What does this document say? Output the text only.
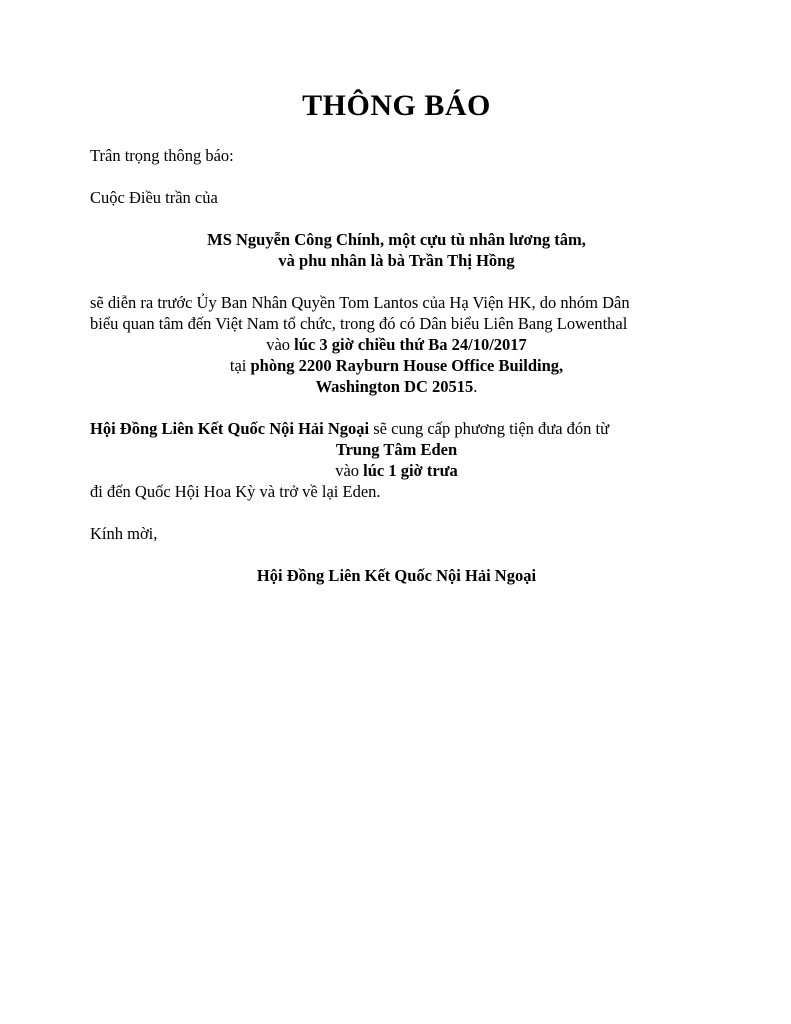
THÔNG BÁO

Trân trọng thông báo:

Cuộc Điều trần của

MS Nguyễn Công Chính, một cựu tù nhân lương tâm,
và phu nhân là bà Trần Thị Hồng
sẽ diễn ra trước Ủy Ban Nhân Quyền Tom Lantos của Hạ Viện HK, do nhóm Dân
biểu quan tâm đến Việt Nam tổ chức, trong đó có Dân biểu Liên Bang Lowenthal
vào lúc 3 giờ chiều thứ Ba 24/10/2017
tại phòng 2200 Rayburn House Office Building,
Washington DC 20515.
Hội Đồng Liên Kết Quốc Nội Hải Ngoại sẽ cung cấp phương tiện đưa đón từ
Trung Tâm Eden
vào lúc 1 giờ trưa
đi đến Quốc Hội Hoa Kỳ và trở về lại Eden.

Kính mời,

Hội Đồng Liên Kết Quốc Nội Hải Ngoại
